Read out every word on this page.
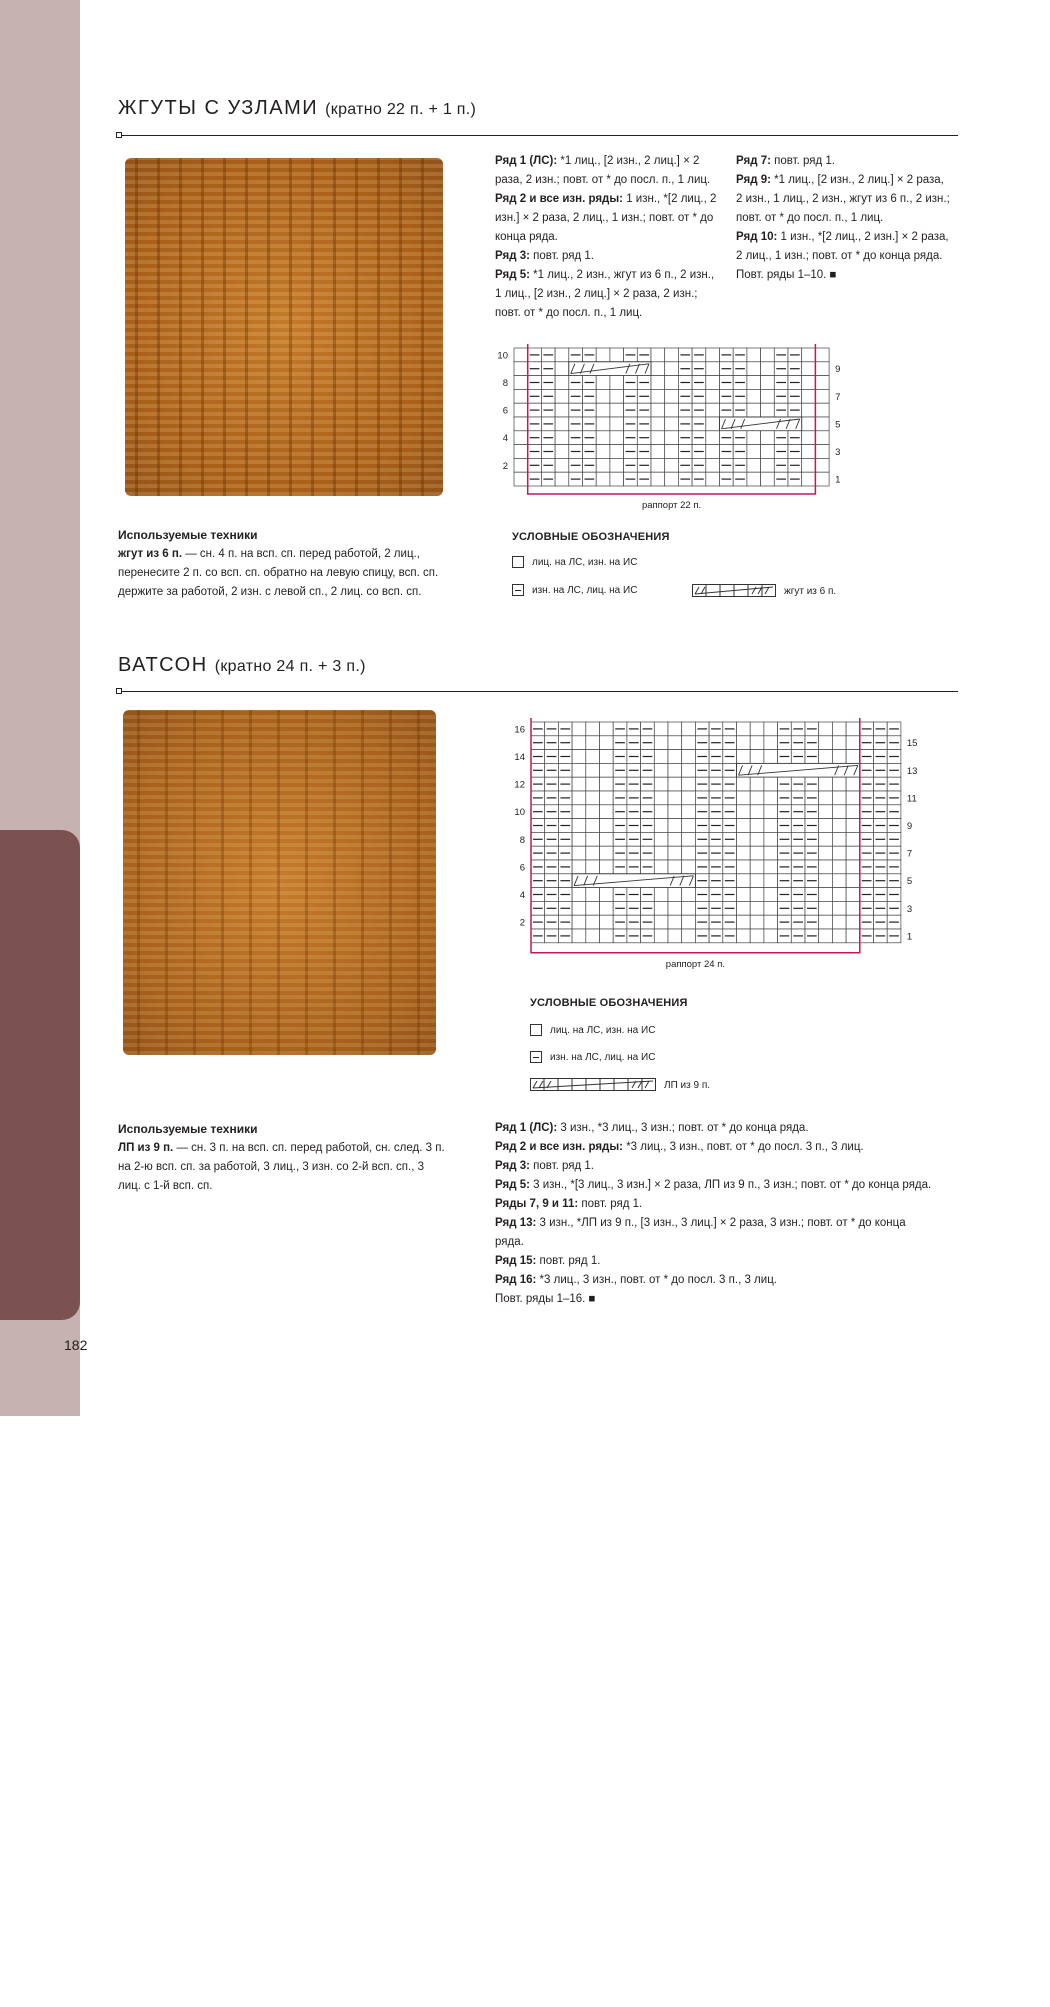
ГЛАВА 3 • ЖГУТЫ
182
ЖГУТЫ С УЗЛАМИ (кратно 22 п. + 1 п.)
Ряд 1 (ЛС): *1 лиц., [2 изн., 2 лиц.] × 2 раза, 2 изн.; повт. от * до посл. п., 1 лиц.
Ряд 2 и все изн. ряды: 1 изн., *[2 лиц., 2 изн.] × 2 раза, 2 лиц., 1 изн.; повт. от * до конца ряда.
Ряд 3: повт. ряд 1.
Ряд 5: *1 лиц., 2 изн., жгут из 6 п., 2 изн., 1 лиц., [2 изн., 2 лиц.] × 2 раза, 2 изн.; повт. от * до посл. п., 1 лиц.
Ряд 7: повт. ряд 1.
Ряд 9: *1 лиц., [2 изн., 2 лиц.] × 2 раза, 2 изн., 1 лиц., 2 изн., жгут из 6 п., 2 изн.; повт. от * до посл. п., 1 лиц.
Ряд 10: 1 изн., *[2 лиц., 2 изн.] × 2 раза, 2 лиц., 1 изн.; повт. от * до конца ряда.
Повт. ряды 1–10. ■
10
8
6
4
2
9
7
5
3
1
раппорт 22 п.
Используемые техники
жгут из 6 п. — сн. 4 п. на всп. сп. перед работой, 2 лиц., перенесите 2 п. со всп. сп. обратно на левую спицу, всп. сп. держите за работой, 2 изн. с левой сп., 2 лиц. со всп. сп.
УСЛОВНЫЕ ОБОЗНАЧЕНИЯ
лиц. на ЛС, изн. на ИС
изн. на ЛС, лиц. на ИС	жгут из 6 п.
ВАТСОН (кратно 24 п. + 3 п.)
16
14
12
10
8
6
4
2
15
13
11
9
7
5
3
1
раппорт 24 п.
УСЛОВНЫЕ ОБОЗНАЧЕНИЯ
лиц. на ЛС, изн. на ИС
изн. на ЛС, лиц. на ИС
ЛП из 9 п.
Используемые техники
ЛП из 9 п. — сн. 3 п. на всп. сп. перед работой, сн. след. 3 п. на 2-ю всп. сп. за работой, 3 лиц., 3 изн. со 2-й всп. сп., 3 лиц. с 1-й всп. сп.
Ряд 1 (ЛС): 3 изн., *3 лиц., 3 изн.; повт. от * до конца ряда.
Ряд 2 и все изн. ряды: *3 лиц., 3 изн., повт. от * до посл. 3 п., 3 лиц.
Ряд 3: повт. ряд 1.
Ряд 5: 3 изн., *[3 лиц., 3 изн.] × 2 раза, ЛП из 9 п., 3 изн.; повт. от * до конца ряда.
Ряды 7, 9 и 11: повт. ряд 1.
Ряд 13: 3 изн., *ЛП из 9 п., [3 изн., 3 лиц.] × 2 раза, 3 изн.; повт. от * до конца ряда.
Ряд 15: повт. ряд 1.
Ряд 16: *3 лиц., 3 изн., повт. от * до посл. 3 п., 3 лиц.
Повт. ряды 1–16. ■
